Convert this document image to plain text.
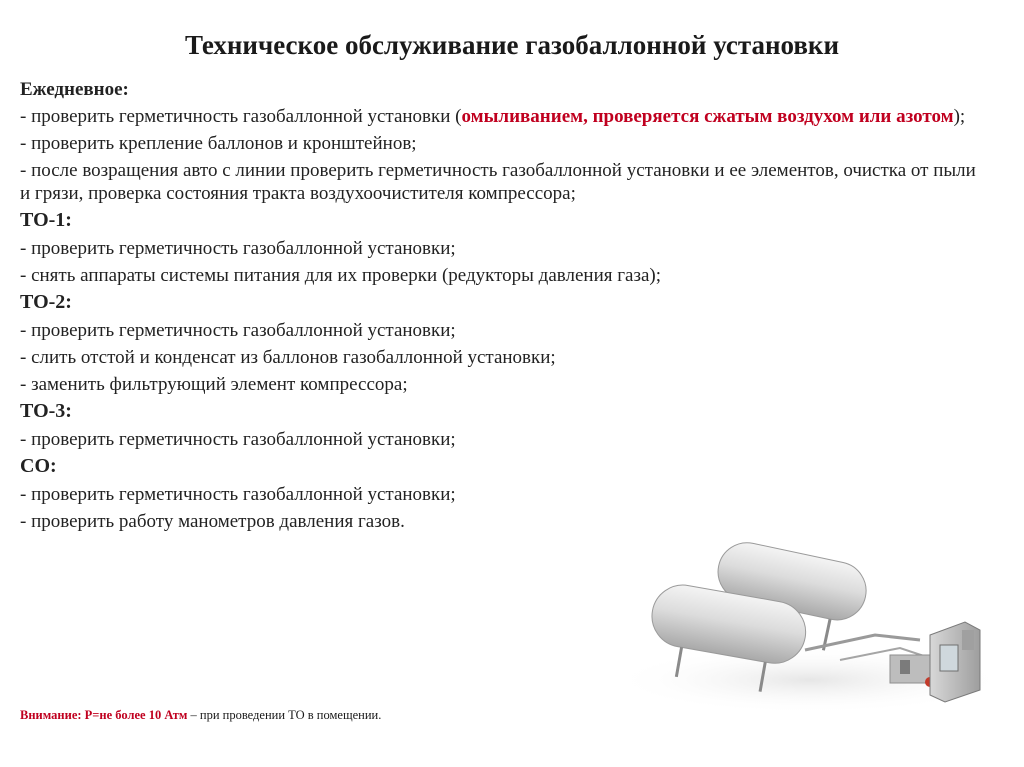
Техническое обслуживание газобаллонной установки

Ежедневное:

- проверить герметичность газобаллонной установки (омыливанием, проверяется сжатым воздухом или азотом);

- проверить крепление баллонов и кронштейнов;

- после возращения авто с линии проверить герметичность газобаллонной установки и ее элементов, очистка от пыли и грязи, проверка состояния тракта воздухоочистителя компрессора;

ТО-1:

- проверить герметичность газобаллонной установки;

- снять аппараты системы питания для их проверки (редукторы давления газа);

ТО-2:

- проверить герметичность газобаллонной установки;

- слить отстой и конденсат из баллонов газобаллонной установки;

- заменить фильтрующий элемент компрессора;

ТО-3:

- проверить герметичность газобаллонной установки;

СО:

- проверить герметичность газобаллонной установки;

- проверить работу манометров давления газов.

Внимание: Р=не более 10 Атм – при проведении ТО в помещении.
